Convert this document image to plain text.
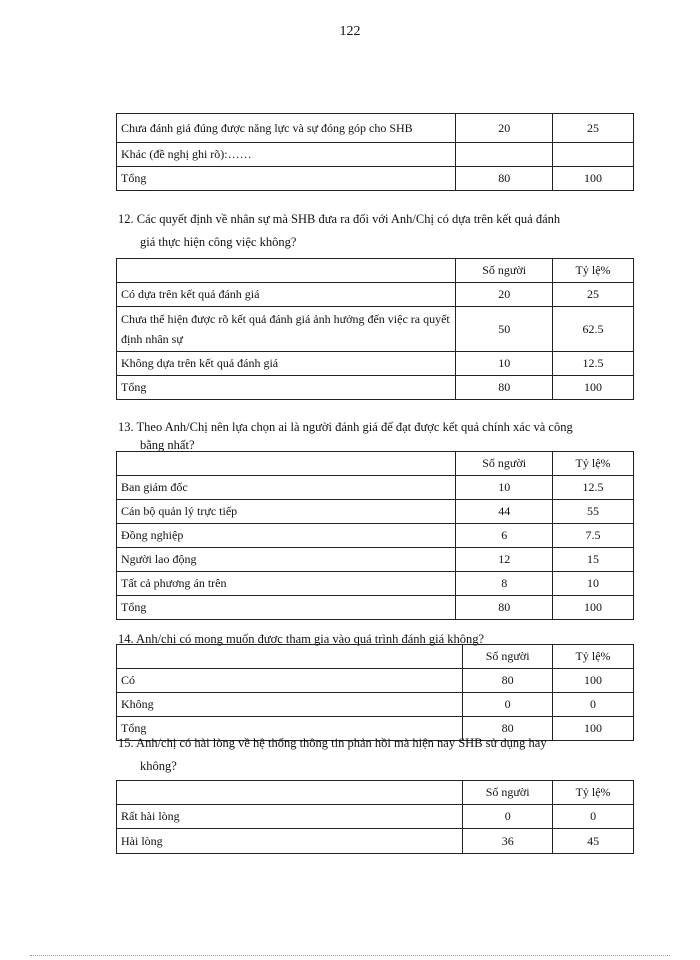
122
Chưa đánh giá đúng được năng lực và sự đóng góp cho SHB	20	25
Khác (đề nghị ghi rõ):……		
Tổng	80	100
12. Các quyết định về nhân sự mà SHB đưa ra đối với Anh/Chị có dựa trên kết quả đánh
giá thực hiện công việc không?
	Số người	Tỷ lệ%
Có dựa trên kết quả đánh giá	20	25
Chưa thể hiện được rõ kết quả đánh giá ảnh hưởng đến việc ra quyết định nhân sự	50	62.5
Không dựa trên kết quả đánh giá	10	12.5
Tổng	80	100
13. Theo Anh/Chị nên lựa chọn ai là người đánh giá để đạt được kết quả chính xác và công
bằng nhất?
	Số người	Tỷ lệ%
Ban giám đốc	10	12.5
Cán bộ quản lý trực tiếp	44	55
Đồng nghiệp	6	7.5
Người lao động	12	15
Tất cả phương án trên	8	10
Tổng	80	100
14. Anh/chị có mong muốn được tham gia vào quá trình đánh giá không?
	Số người	Tỷ lệ%
Có	80	100
Không	0	0
Tổng	80	100
15. Anh/chị có hài lòng về hệ thống thông tin phản hồi mà hiện nay SHB sử dụng hay
không?
	Số người	Tỷ lệ%
Rất hài lòng	0	0
Hài lòng	36	45
